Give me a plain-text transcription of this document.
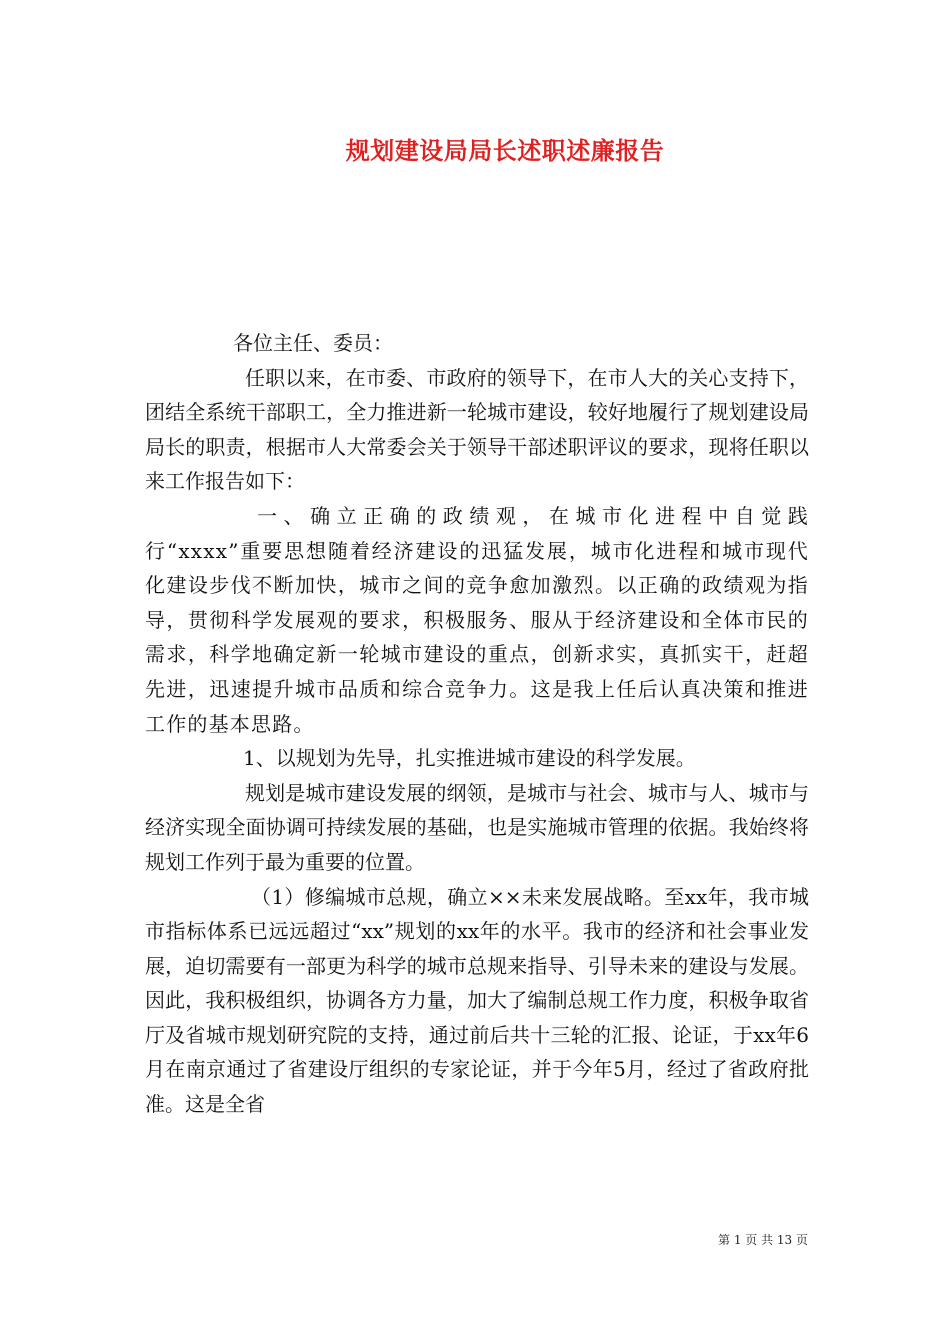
规划建设局局长述职述廉报告

各位主任、委员：

任职以来，在市委、市政府的领导下，在市人大的关心支持下，团结全系统干部职工，全力推进新一轮城市建设，较好地履行了规划建设局局长的职责，根据市人大常委会关于领导干部述职评议的要求，现将任职以来工作报告如下：

一、确立正确的政绩观，在城市化进程中自觉践行“xxxx”重要思想随着经济建设的迅猛发展，城市化进程和城市现代化建设步伐不断加快，城市之间的竞争愈加激烈。以正确的政绩观为指导，贯彻科学发展观的要求，积极服务、服从于经济建设和全体市民的需求，科学地确定新一轮城市建设的重点，创新求实，真抓实干，赶超先进，迅速提升城市品质和综合竞争力。这是我上任后认真决策和推进工作的基本思路。

1、以规划为先导，扎实推进城市建设的科学发展。

规划是城市建设发展的纲领，是城市与社会、城市与人、城市与经济实现全面协调可持续发展的基础，也是实施城市管理的依据。我始终将规划工作列于最为重要的位置。

（1）修编城市总规，确立××未来发展战略。至xx年，我市城市指标体系已远远超过“xx”规划的xx年的水平。我市的经济和社会事业发展，迫切需要有一部更为科学的城市总规来指导、引导未来的建设与发展。因此，我积极组织，协调各方力量，加大了编制总规工作力度，积极争取省厅及省城市规划研究院的支持，通过前后共十三轮的汇报、论证，于xx年6月在南京通过了省建设厅组织的专家论证，并于今年5月，经过了省政府批准。这是全省

第 1 页 共 13 页
